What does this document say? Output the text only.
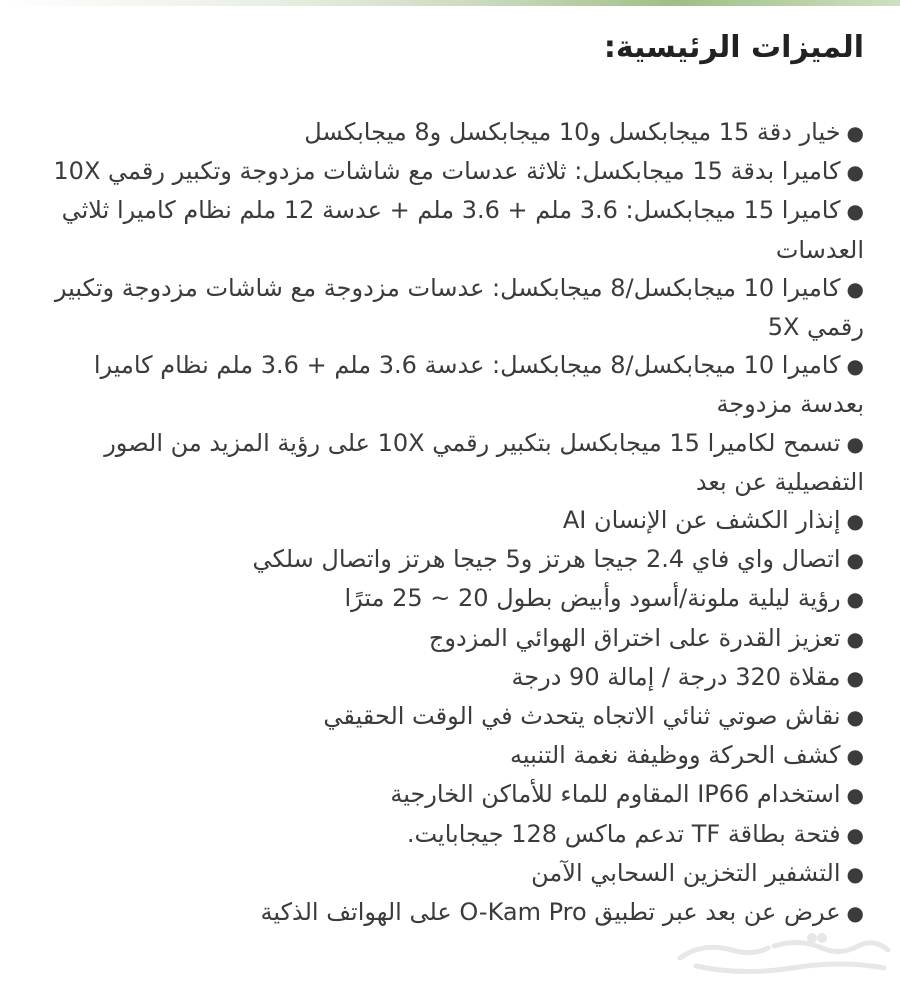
الميزات الرئيسية:
●خيار دقة 15 ميجابكسل و10 ميجابكسل و8 ميجابكسل
●كاميرا بدقة 15 ميجابكسل: ثلاثة عدسات مع شاشات مزدوجة وتكبير رقمي 10X
●كاميرا 15 ميجابكسل: 3.6 ملم + 3.6 ملم + عدسة 12 ملم نظام كاميرا ثلاثي العدسات
●كاميرا 10 ميجابكسل/8 ميجابكسل: عدسات مزدوجة مع شاشات مزدوجة وتكبير رقمي 5X
●كاميرا 10 ميجابكسل/8 ميجابكسل: عدسة 3.6 ملم + 3.6 ملم نظام كاميرا بعدسة مزدوجة
●تسمح لكاميرا 15 ميجابكسل بتكبير رقمي 10X على رؤية المزيد من الصور التفصيلية عن بعد
●إنذار الكشف عن الإنسان AI
●اتصال واي فاي 2.4 جيجا هرتز و5 جيجا هرتز واتصال سلكي
●رؤية ليلية ملونة/أسود وأبيض بطول 20 ~ 25 مترًا
●تعزيز القدرة على اختراق الهوائي المزدوج
●مقلاة 320 درجة / إمالة 90 درجة
●نقاش صوتي ثنائي الاتجاه يتحدث في الوقت الحقيقي
●كشف الحركة ووظيفة نغمة التنبيه
●استخدام IP66 المقاوم للماء للأماكن الخارجية
●فتحة بطاقة TF تدعم ماكس 128 جيجابايت.
●التشفير التخزين السحابي الآمن
●عرض عن بعد عبر تطبيق O-Kam Pro على الهواتف الذكية
